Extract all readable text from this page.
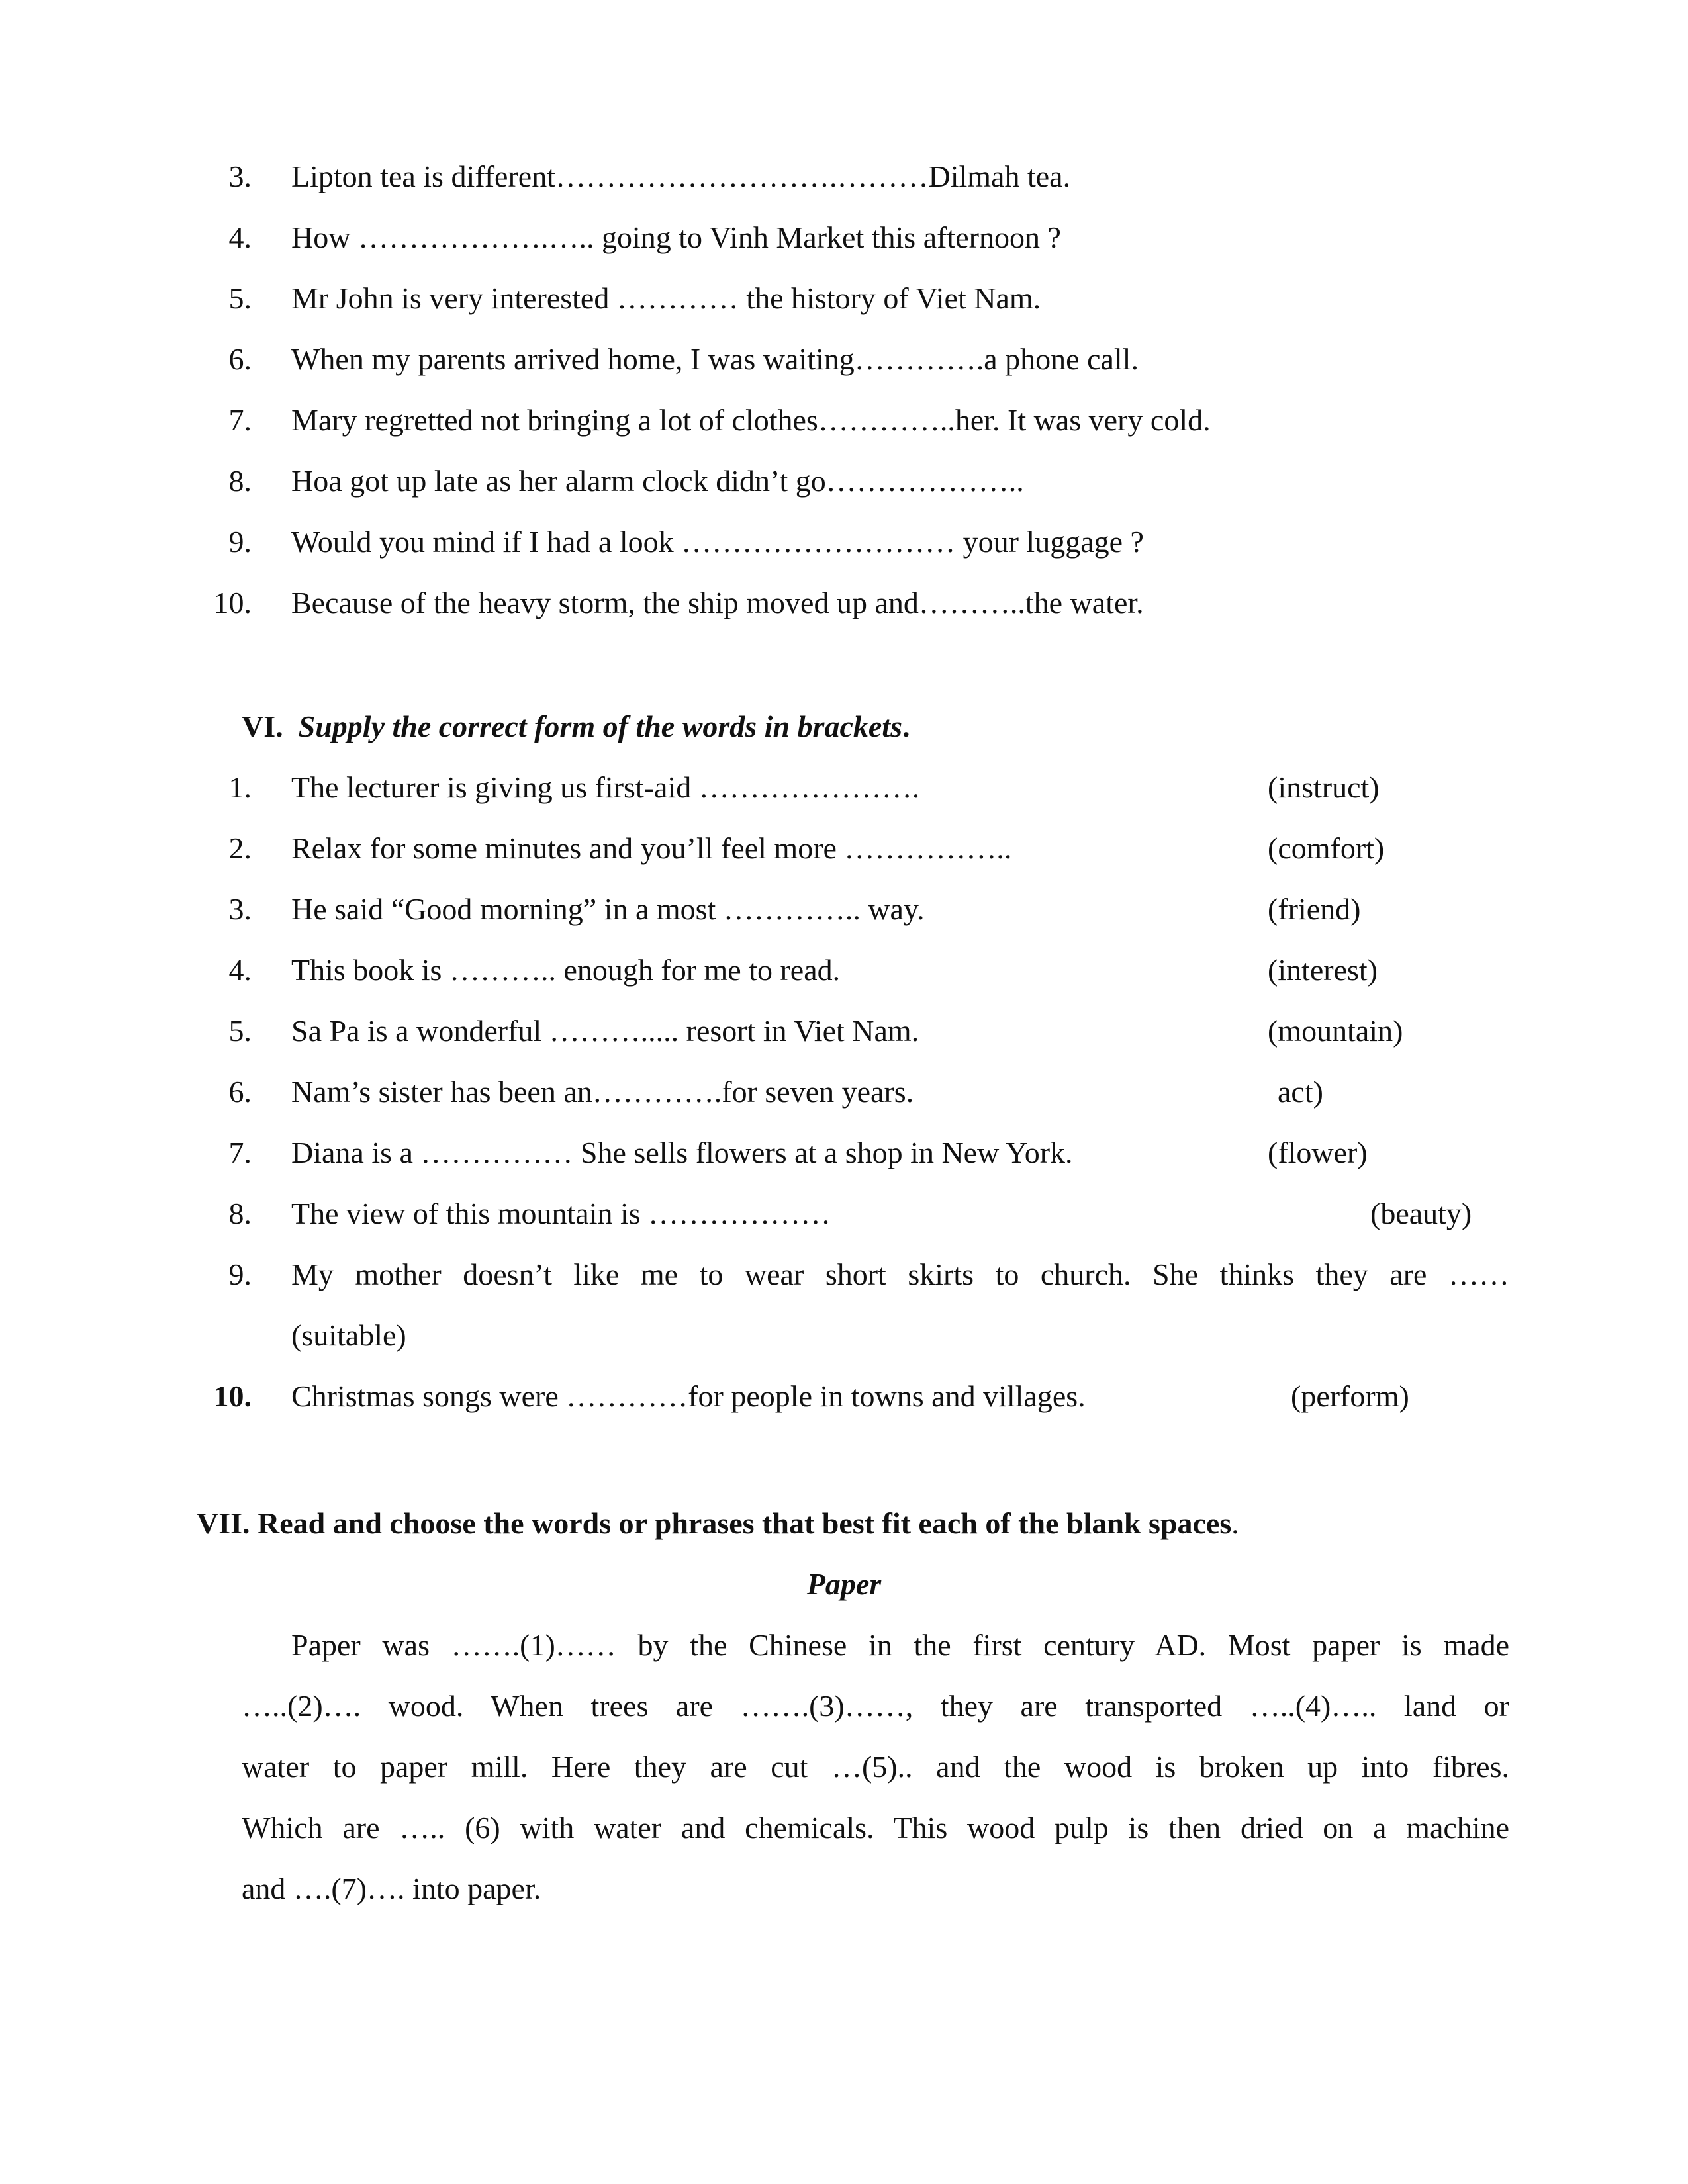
3. Lipton tea is different……………………….………Dilmah tea.
4. How ……………….….. going to Vinh Market this afternoon ?
5. Mr John is very interested ………… the history of Viet Nam.
6. When my parents arrived home, I was waiting………….a phone call.
7. Mary regretted not bringing a lot of clothes…………..her. It was very cold.
8. Hoa got up late as her alarm clock didn’t go………………..
9. Would you mind if I had a look ……………………… your luggage ?
10. Because of the heavy storm, the ship moved up and………..the water.
VI. Supply the correct form of the words in brackets.
1. The lecturer is giving us first-aid ………………….	(instruct)
2. Relax for some minutes and you’ll feel more ……………..	(comfort)
3. He said “Good morning” in a most ………….. way.	(friend)
4. This book is ……….. enough for me to read.	(interest)
5. Sa Pa is a wonderful ………..... resort in Viet Nam.	(mountain)
6. Nam’s sister has been an………….for seven years.	act)
7. Diana is a …………… She sells flowers at a shop in New York.	(flower)
8. The view of this mountain is ………………	(beauty)
9. My mother doesn’t like me to wear short skirts to church. She thinks they are ……
(suitable)
10. Christmas songs were …………for people in towns and villages.	(perform)
VII. Read and choose the words or phrases that best fit each of the blank spaces.
Paper
Paper was …….(1)…… by the Chinese in the first century AD. Most paper is made
…..(2)…. wood. When trees are …….(3)……, they are transported …..(4)….. land or
water to paper mill. Here they are cut …(5).. and the wood is broken up into fibres.
Which are ….. (6) with water and chemicals. This wood pulp is then dried on a machine
and ….(7)…. into paper.
